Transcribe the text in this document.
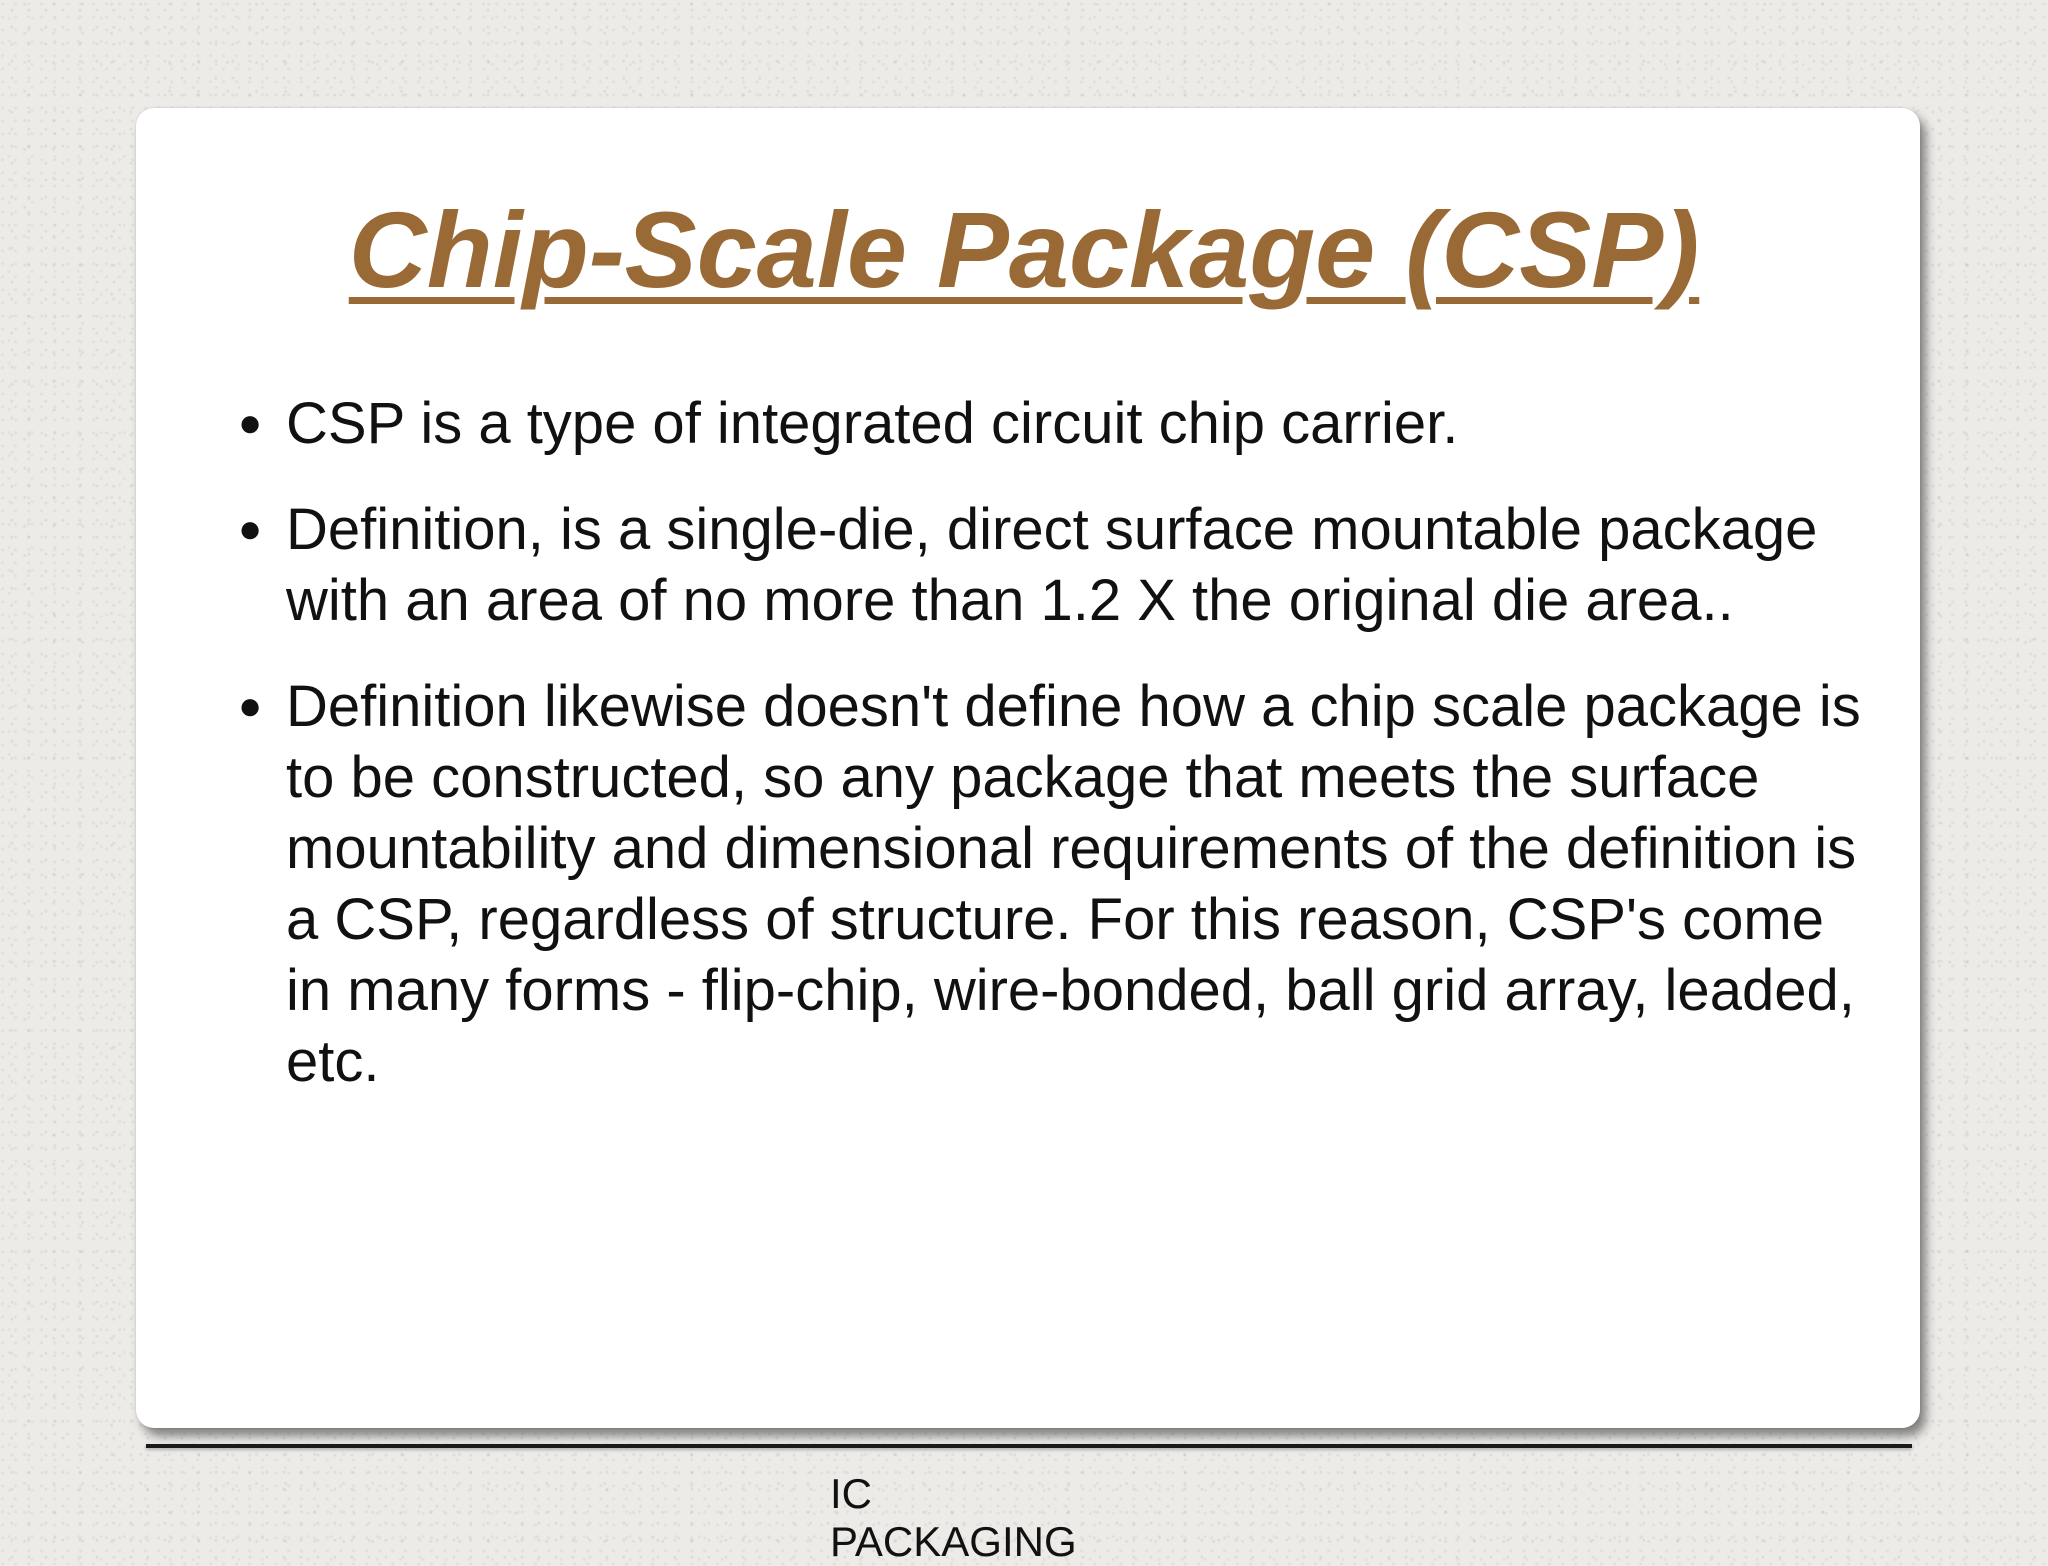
Chip-Scale Package (CSP)
● CSP is a type of integrated circuit chip carrier.
● Definition, is a single-die, direct surface mountable package with an area of no more than 1.2 X the original die area..
● Definition likewise doesn't define how a chip scale package is to be constructed, so any package that meets the surface mountability and dimensional requirements of the definition is a CSP, regardless of structure. For this reason, CSP's come in many forms - flip-chip, wire-bonded, ball grid array, leaded, etc.

IC PACKAGING
